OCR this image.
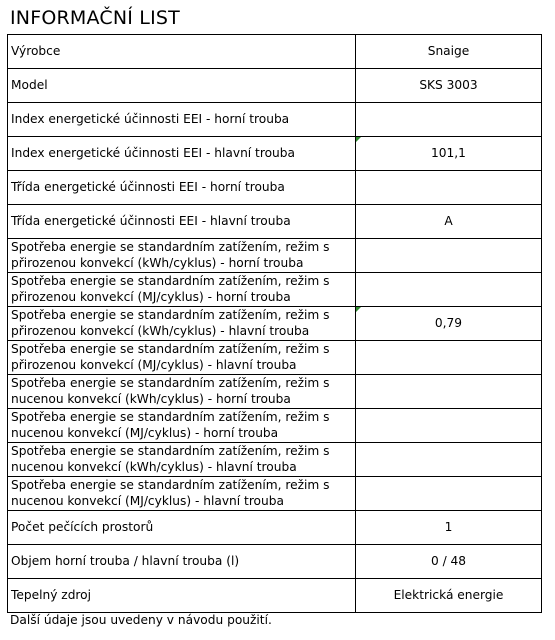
INFORMAČNÍ LIST
Výrobce	Snaige
Model	SKS 3003
Index energetické účinnosti EEI - horní trouba	
Index energetické účinnosti EEI - hlavní trouba	101,1
Třída energetické účinnosti EEI - horní trouba	
Třída energetické účinnosti EEI - hlavní trouba	A
Spotřeba energie se standardním zatížením, režim s přirozenou konvekcí (kWh/cyklus) - horní trouba	
Spotřeba energie se standardním zatížením, režim s přirozenou konvekcí (MJ/cyklus) - horní trouba	
Spotřeba energie se standardním zatížením, režim s přirozenou konvekcí (kWh/cyklus) - hlavní trouba	0,79
Spotřeba energie se standardním zatížením, režim s přirozenou konvekcí (MJ/cyklus) - hlavní trouba	
Spotřeba energie se standardním zatížením, režim s nucenou konvekcí (kWh/cyklus) - horní trouba	
Spotřeba energie se standardním zatížením, režim s nucenou konvekcí (MJ/cyklus) - horní trouba	
Spotřeba energie se standardním zatížením, režim s nucenou konvekcí (kWh/cyklus) - hlavní trouba	
Spotřeba energie se standardním zatížením, režim s nucenou konvekcí (MJ/cyklus) - hlavní trouba	
Počet pečících prostorů	1
Objem horní trouba / hlavní trouba (l)	0 / 48
Tepelný zdroj	Elektrická energie
Další údaje jsou uvedeny v návodu použití.
